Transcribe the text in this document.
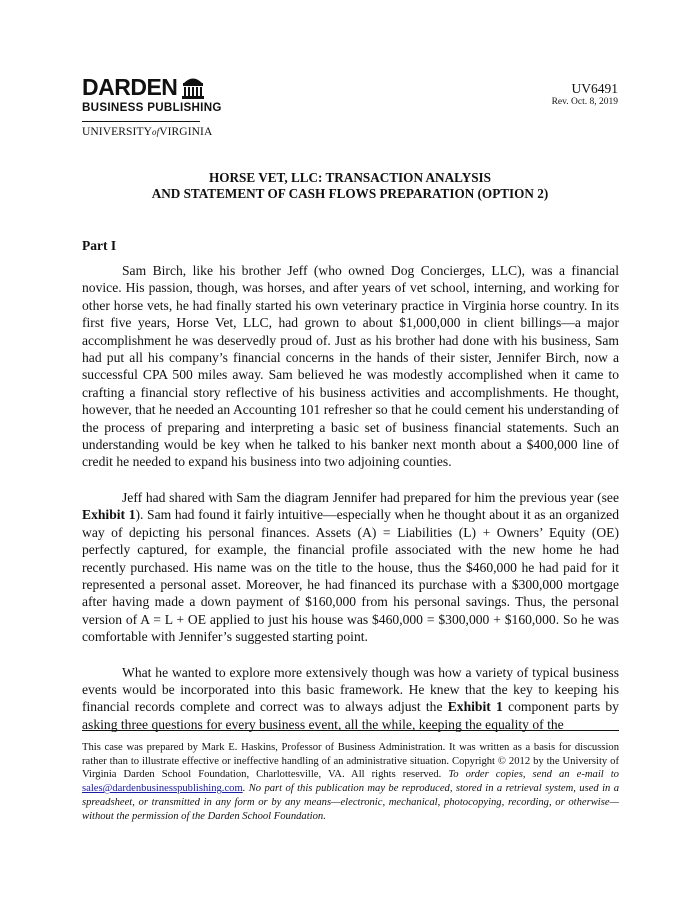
DARDEN
BUSINESS PUBLISHING
UNIVERSITYofVIRGINIA
UV6491
Rev. Oct. 8, 2019
HORSE VET, LLC: TRANSACTION ANALYSIS
AND STATEMENT OF CASH FLOWS PREPARATION (OPTION 2)
Part I

Sam Birch, like his brother Jeff (who owned Dog Concierges, LLC), was a financial novice. His passion, though, was horses, and after years of vet school, interning, and working for other horse vets, he had finally started his own veterinary practice in Virginia horse country. In its first five years, Horse Vet, LLC, had grown to about $1,000,000 in client billings—a major accomplishment he was deservedly proud of. Just as his brother had done with his business, Sam had put all his company’s financial concerns in the hands of their sister, Jennifer Birch, now a successful CPA 500 miles away. Sam believed he was modestly accomplished when it came to crafting a financial story reflective of his business activities and accomplishments. He thought, however, that he needed an Accounting 101 refresher so that he could cement his understanding of the process of preparing and interpreting a basic set of business financial statements. Such an understanding would be key when he talked to his banker next month about a $400,000 line of credit he needed to expand his business into two adjoining counties.

Jeff had shared with Sam the diagram Jennifer had prepared for him the previous year (see Exhibit 1). Sam had found it fairly intuitive—especially when he thought about it as an organized way of depicting his personal finances. Assets (A) = Liabilities (L) + Owners’ Equity (OE) perfectly captured, for example, the financial profile associated with the new home he had recently purchased. His name was on the title to the house, thus the $460,000 he had paid for it represented a personal asset. Moreover, he had financed its purchase with a $300,000 mortgage after having made a down payment of $160,000 from his personal savings. Thus, the personal version of A = L + OE applied to just his house was $460,000 = $300,000 + $160,000. So he was comfortable with Jennifer’s suggested starting point.

What he wanted to explore more extensively though was how a variety of typical business events would be incorporated into this basic framework. He knew that the key to keeping his financial records complete and correct was to always adjust the Exhibit 1 component parts by asking three questions for every business event, all the while, keeping the equality of the

This case was prepared by Mark E. Haskins, Professor of Business Administration. It was written as a basis for discussion rather than to illustrate effective or ineffective handling of an administrative situation. Copyright © 2012 by the University of Virginia Darden School Foundation, Charlottesville, VA. All rights reserved. To order copies, send an e-mail to sales@dardenbusinesspublishing.com. No part of this publication may be reproduced, stored in a retrieval system, used in a spreadsheet, or transmitted in any form or by any means—electronic, mechanical, photocopying, recording, or otherwise—without the permission of the Darden School Foundation.
